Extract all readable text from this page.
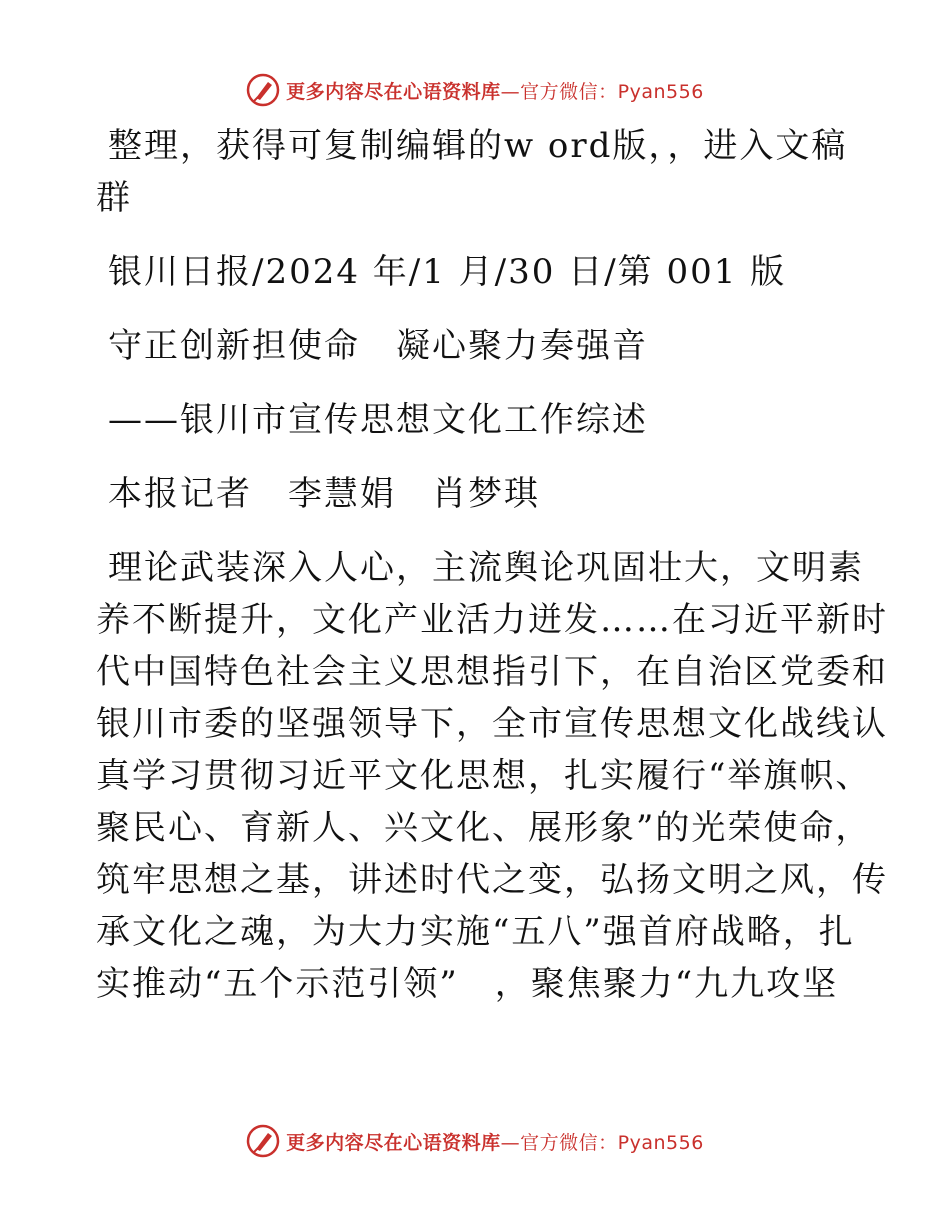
更多内容尽在心语资料库—官方微信：Pyan556
整理，获得可复制编辑的w ord版，，进入文稿
群
银川日报/2024 年/1 月/30 日/第 001 版
守正创新担使命　凝心聚力奏强音
——银川市宣传思想文化工作综述
本报记者　李慧娟　肖梦琪
理论武装深入人心，主流舆论巩固壮大，文明素
养不断提升，文化产业活力迸发……在习近平新时
代中国特色社会主义思想指引下，在自治区党委和
银川市委的坚强领导下，全市宣传思想文化战线认
真学习贯彻习近平文化思想，扎实履行“举旗帜、
聚民心、育新人、兴文化、展形象”的光荣使命，
筑牢思想之基，讲述时代之变，弘扬文明之风，传
承文化之魂，为大力实施“五八”强首府战略，扎
实推动“五个示范引领”　，聚焦聚力“九九攻坚
更多内容尽在心语资料库—官方微信：Pyan556
